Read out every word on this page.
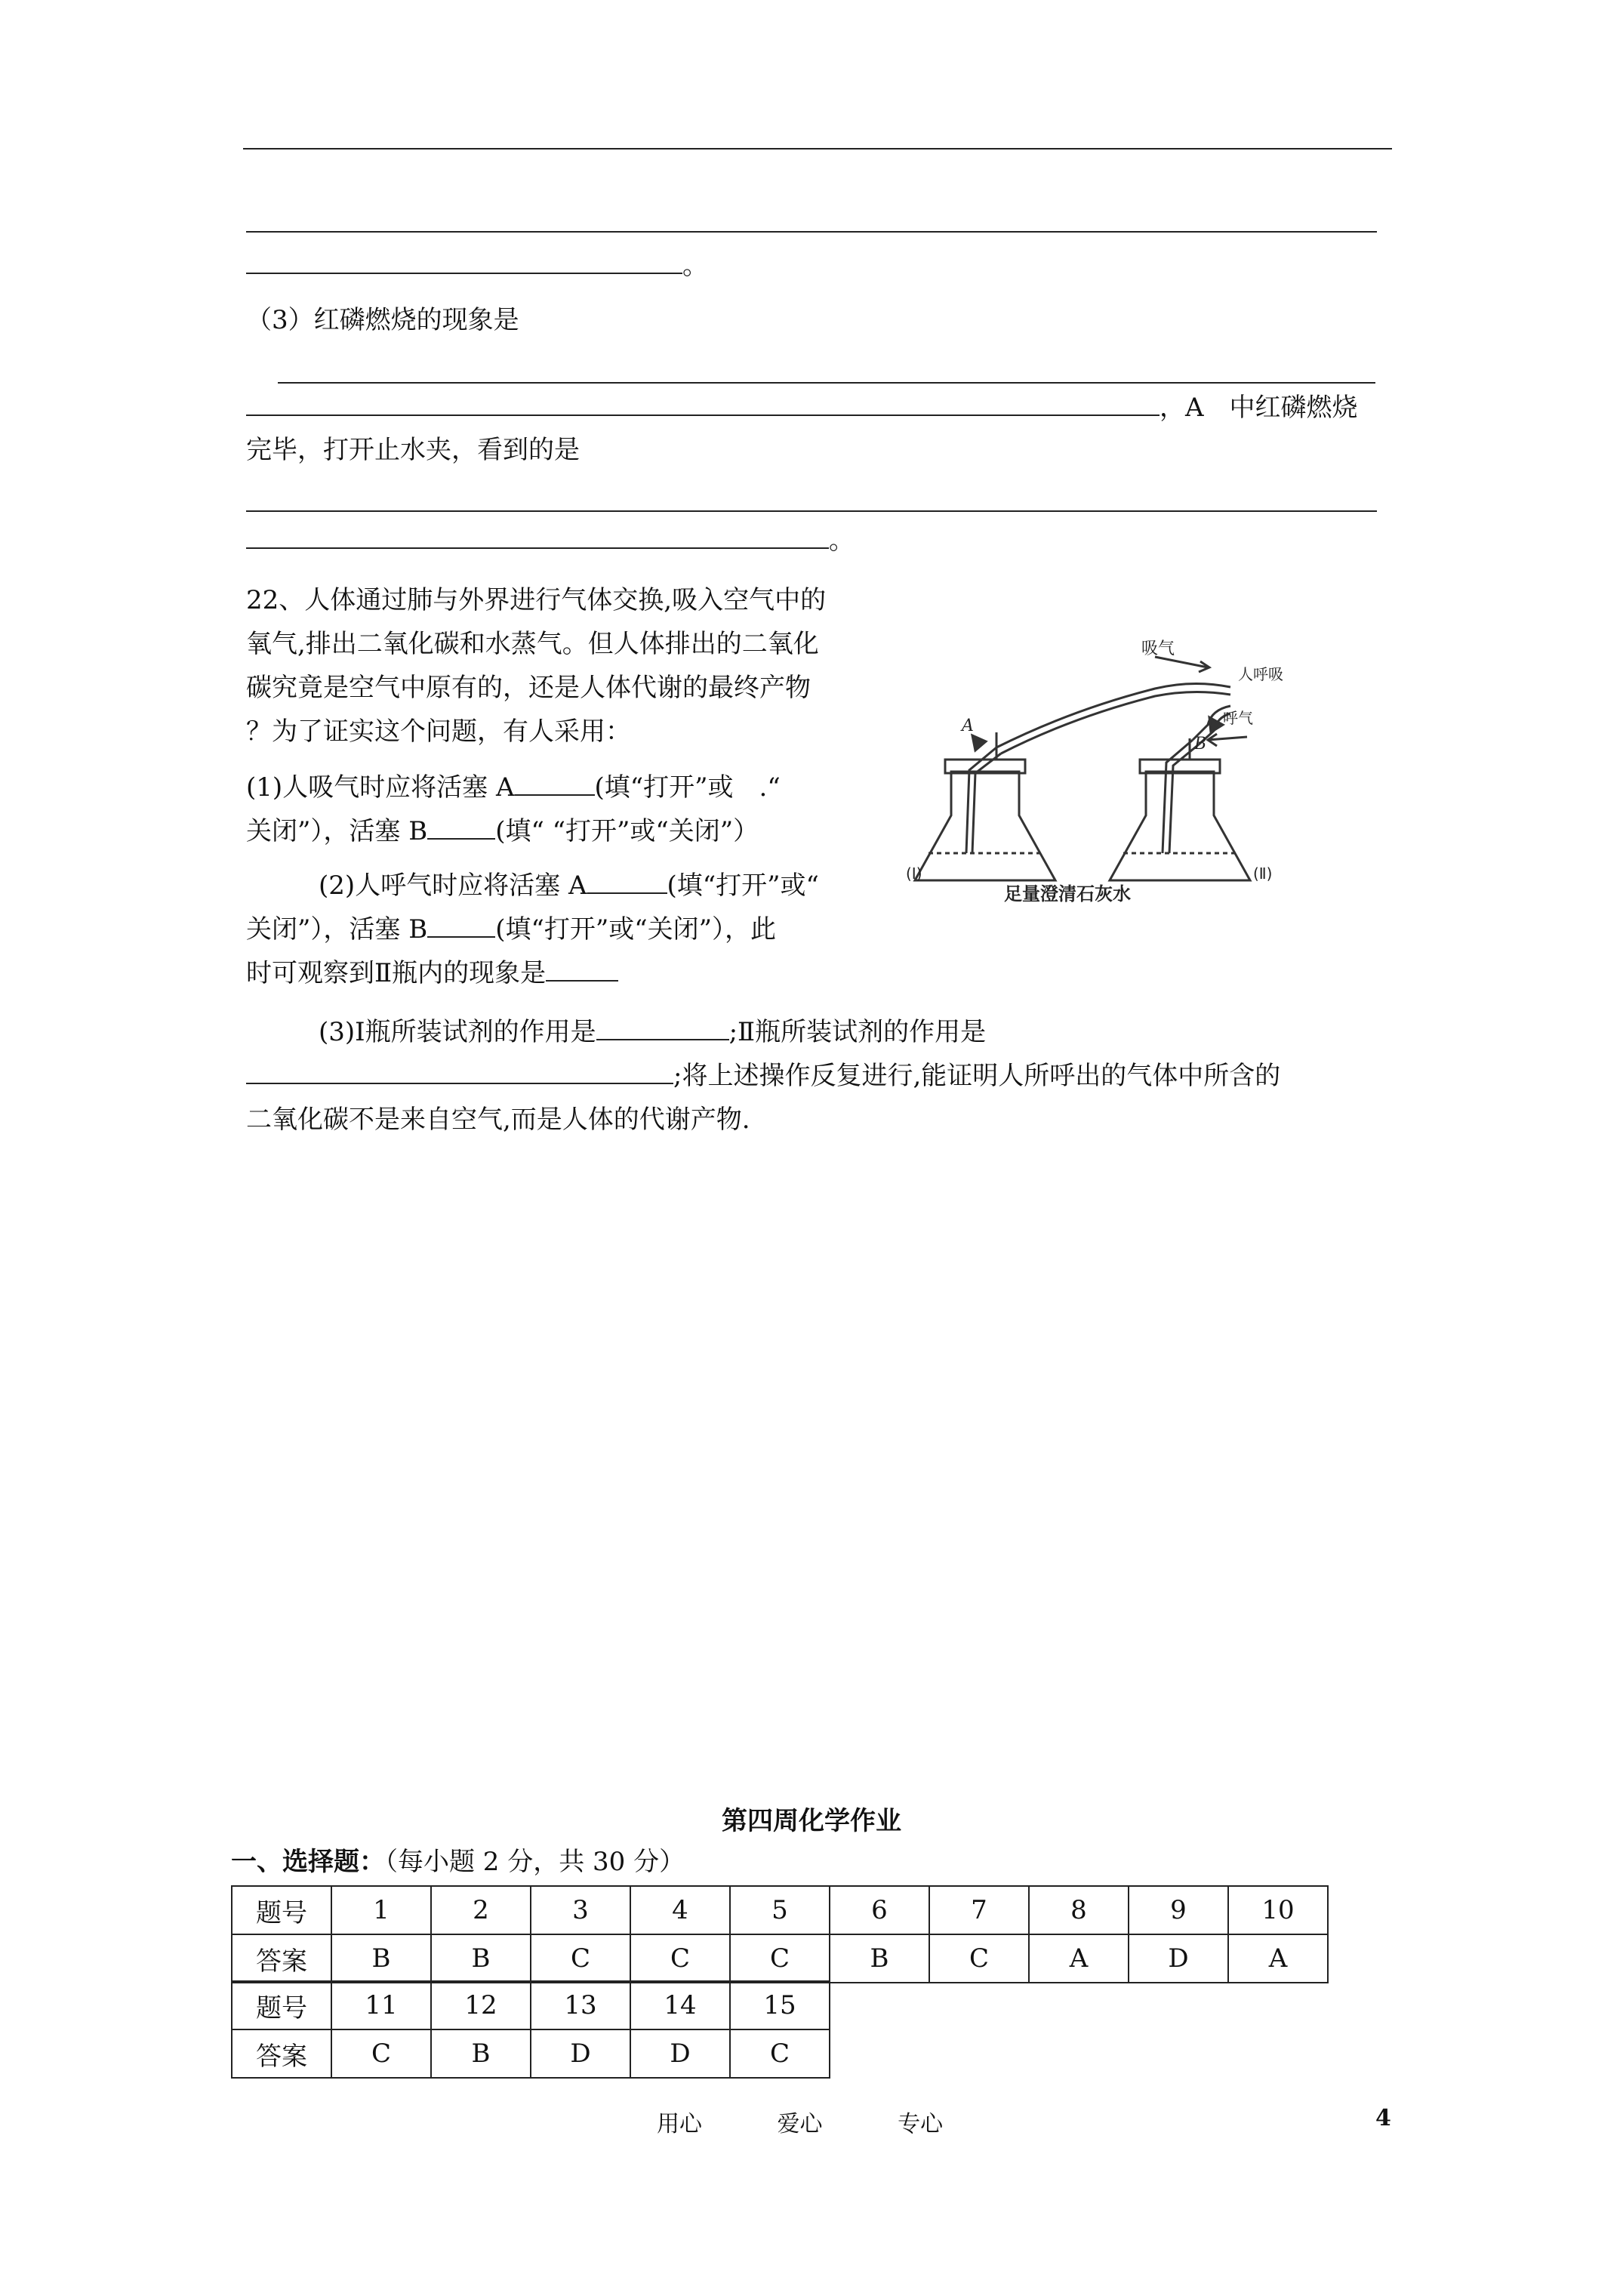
。
（3）红磷燃烧的现象是
，A　中红磷燃烧
完毕，打开止水夹，看到的是
。
22、人体通过肺与外界进行气体交换,吸入空气中的
氧气,排出二氧化碳和水蒸气。但人体排出的二氧化
碳究竟是空气中原有的，还是人体代谢的最终产物
？为了证实这个问题，有人采用：
(1)人吸气时应将活塞 A	(填“打开”或　.“
关闭”），活塞 B	(填“ “打开”或“关闭”）
(2)人呼气时应将活塞 A	(填“打开”或“
关闭”），活塞 B	(填“打开”或“关闭”），此
时可观察到Ⅱ瓶内的现象是
(3)Ⅰ瓶所装试剂的作用是	;Ⅱ瓶所装试剂的作用是
;将上述操作反复进行,能证明人所呼出的气体中所含的
二氧化碳不是来自空气,而是人体的代谢产物.
吸气
人呼吸
呼气
A
B
(Ⅰ)	(Ⅱ)
足量澄清石灰水
第四周化学作业
一、选择题：（每小题 2 分，共 30 分）
题号	1	2	3	4	5	6	7	8	9	10
答案	B	B	C	C	C	B	C	A	D	A
题号	11	12	13	14	15
答案	C	B	D	D	C
用心	爱心	专心	4
